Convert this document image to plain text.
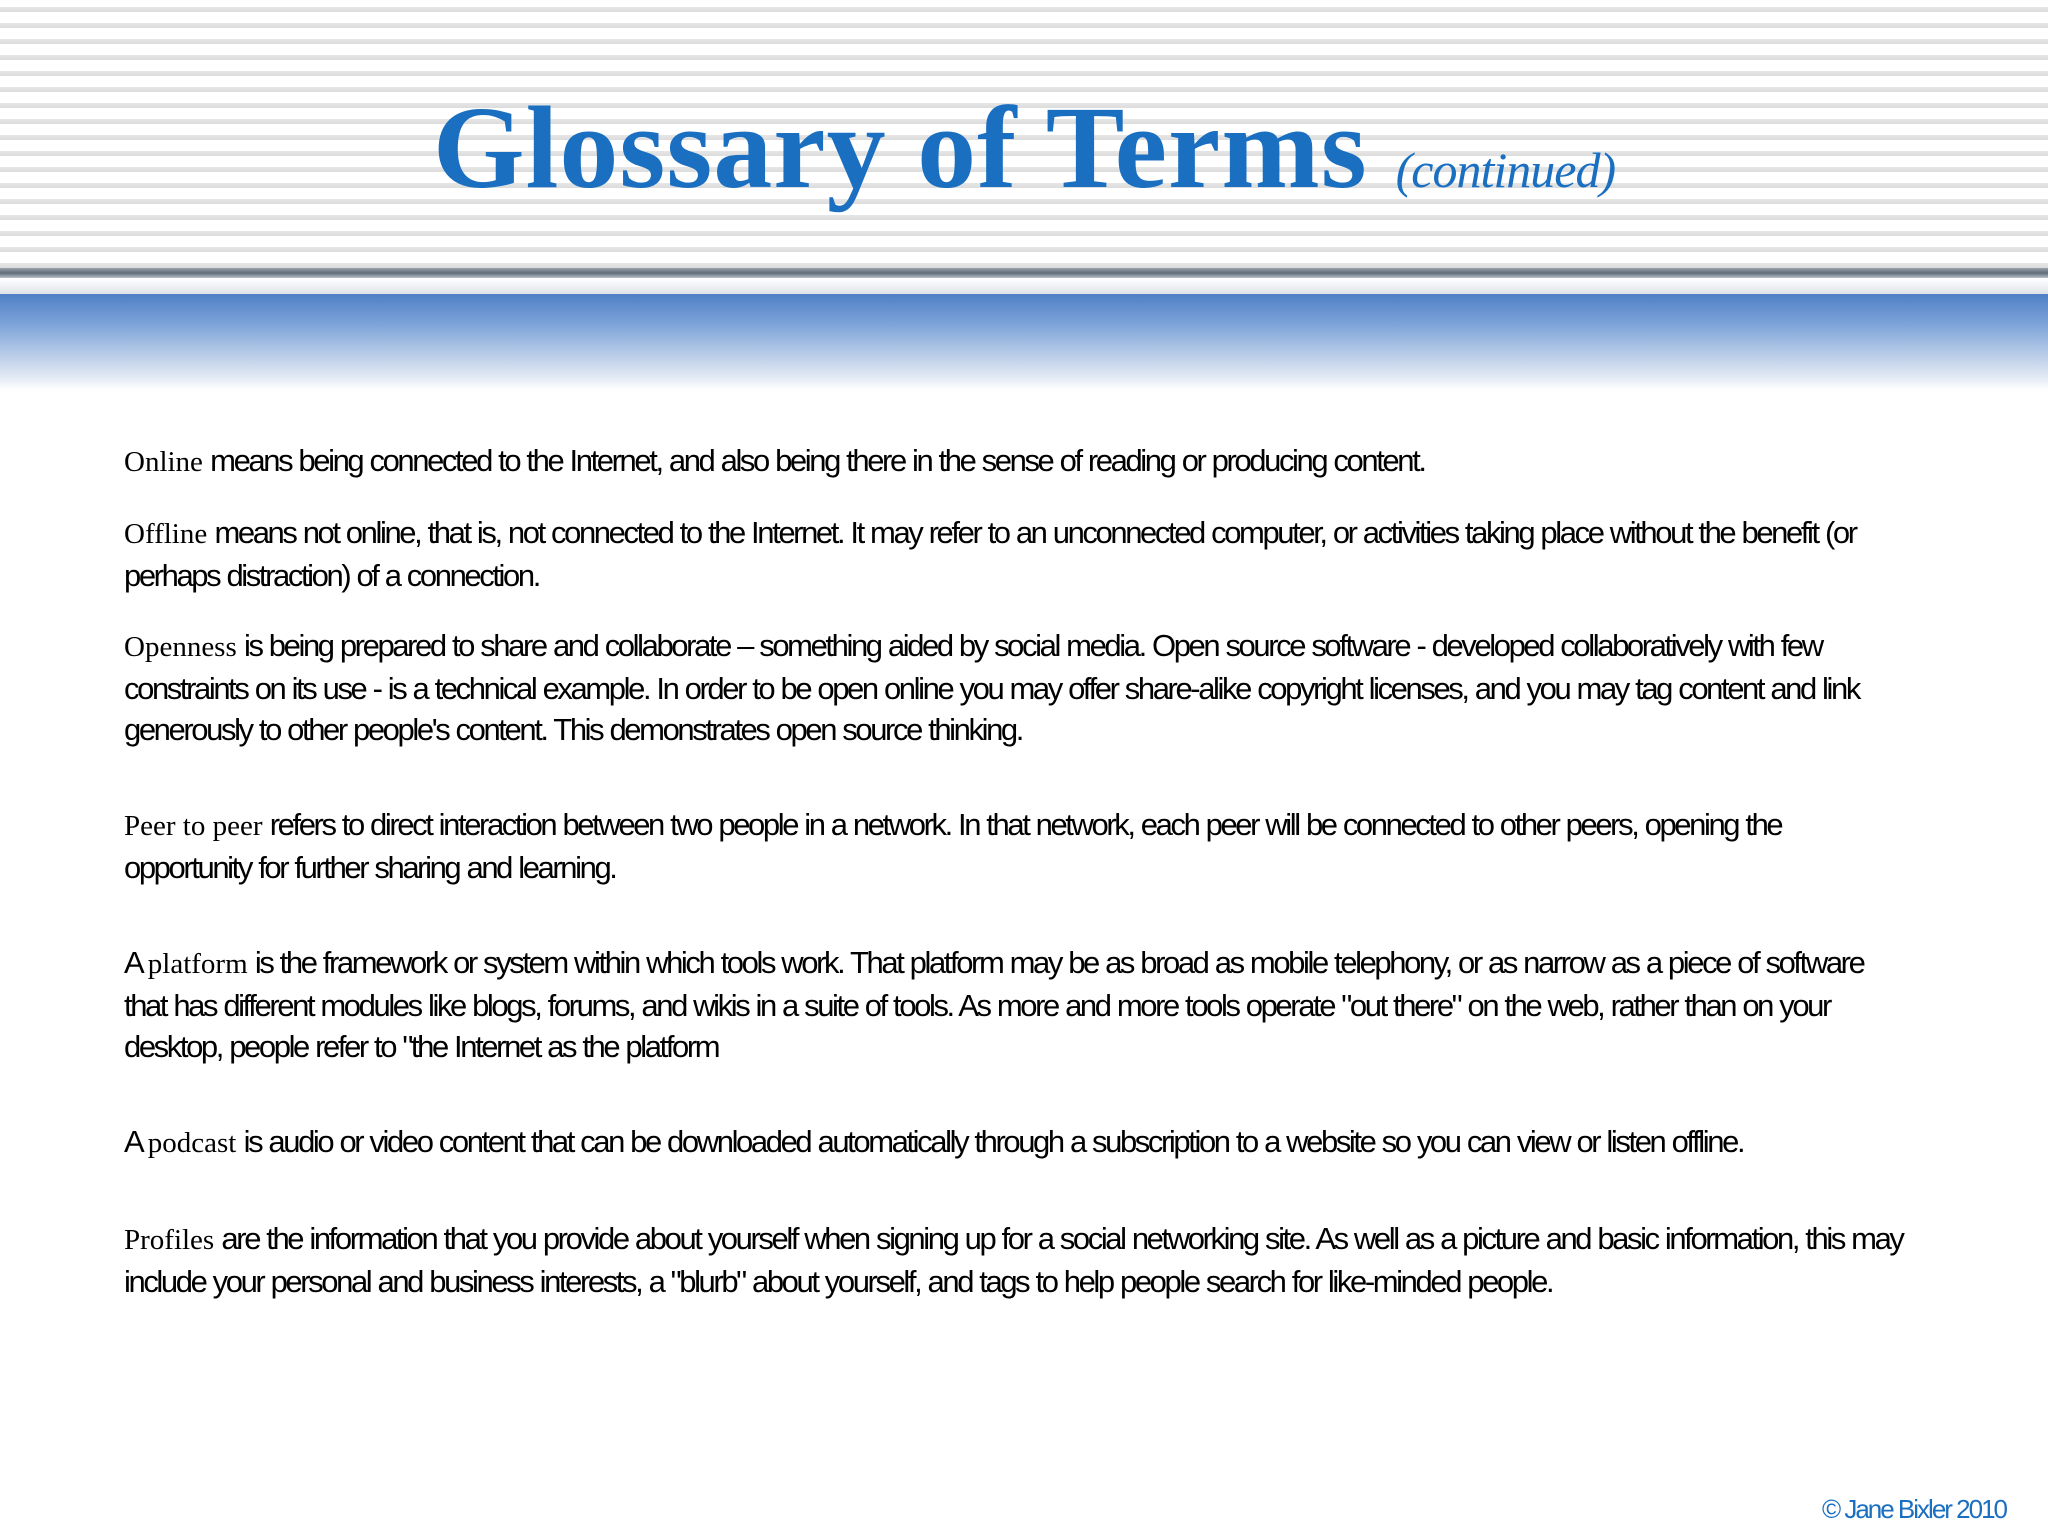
Glossary of Terms (continued)

Online means being connected to the Internet, and also being there in the sense of reading or producing content.

Offline means not online, that is, not connected to the Internet. It may refer to an unconnected computer, or activities taking place without the benefit (or perhaps distraction) of a connection.

Openness is being prepared to share and collaborate – something aided by social media. Open source software - developed collaboratively with few constraints on its use - is a technical example. In order to be open online you may offer share-alike copyright licenses, and you may tag content and link generously to other people's content. This demonstrates open source thinking.

Peer to peer refers to direct interaction between two people in a network. In that network, each peer will be connected to other peers, opening the opportunity for further sharing and learning.

A platform is the framework or system within which tools work. That platform may be as broad as mobile telephony, or as narrow as a piece of software that has different modules like blogs, forums, and wikis in a suite of tools. As more and more tools operate "out there" on the web, rather than on your desktop, people refer to "the Internet as the platform

A podcast is audio or video content that can be downloaded automatically through a subscription to a website so you can view or listen offline.

Profiles are the information that you provide about yourself when signing up for a social networking site. As well as a picture and basic information, this may include your personal and business interests, a "blurb" about yourself, and tags to help people search for like-minded people.

© Jane Bixler 2010
